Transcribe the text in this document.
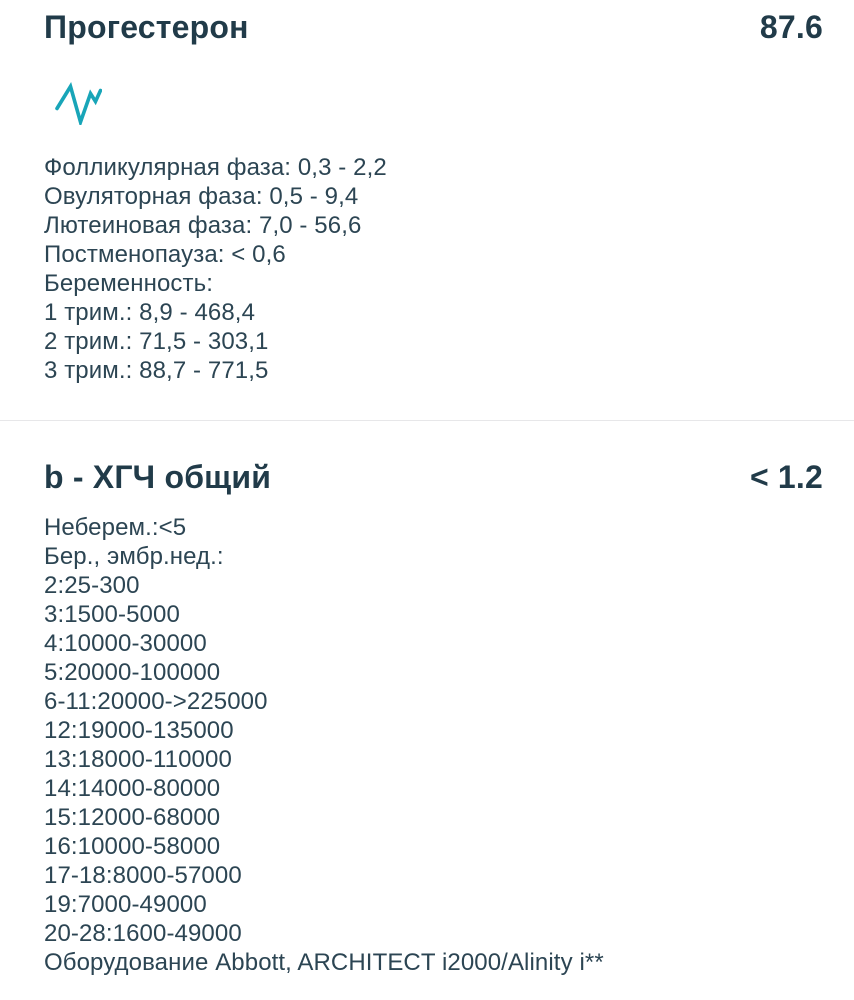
Прогестерон	87.6
Фолликулярная фаза: 0,3 - 2,2
Овуляторная фаза: 0,5 - 9,4
Лютеиновая фаза: 7,0 - 56,6
Постменопауза: < 0,6
Беременность:
1 трим.: 8,9 - 468,4
2 трим.: 71,5 - 303,1
3 трим.: 88,7 - 771,5
b - ХГЧ общий	< 1.2
Неберем.:<5
Бер., эмбр.нед.:
2:25-300
3:1500-5000
4:10000-30000
5:20000-100000
6-11:20000->225000
12:19000-135000
13:18000-110000
14:14000-80000
15:12000-68000
16:10000-58000
17-18:8000-57000
19:7000-49000
20-28:1600-49000
Оборудование Abbott, ARCHITECT i2000/Alinity i**
